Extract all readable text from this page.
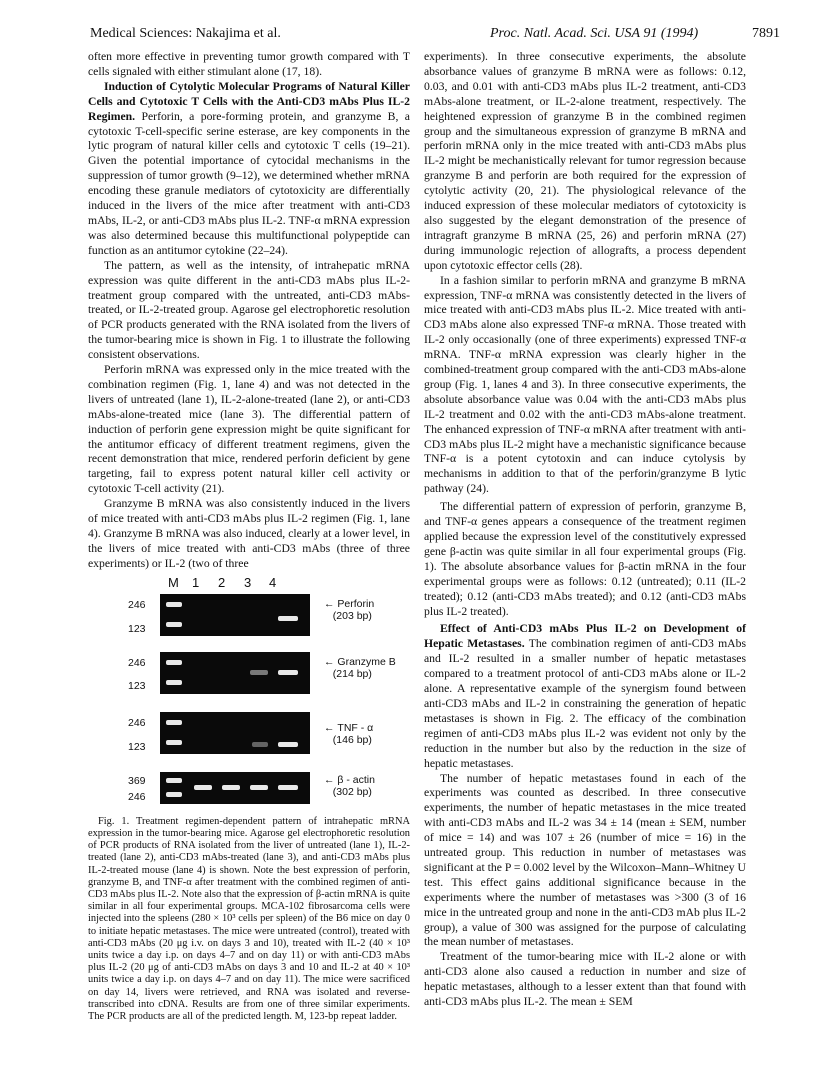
Medical Sciences: Nakajima et al.	Proc. Natl. Acad. Sci. USA 91 (1994)	7891

often more effective in preventing tumor growth compared with T cells signaled with either stimulant alone (17, 18).

Induction of Cytolytic Molecular Programs of Natural Killer Cells and Cytotoxic T Cells with the Anti-CD3 mAbs Plus IL-2 Regimen. Perforin, a pore-forming protein, and granzyme B, a cytotoxic T-cell-specific serine esterase, are key components in the lytic program of natural killer cells and cytotoxic T cells (19–21). Given the potential importance of cytocidal mechanisms in the suppression of tumor growth (9–12), we determined whether mRNA encoding these granule mediators of cytotoxicity are differentially induced in the livers of the mice after treatment with anti-CD3 mAbs, IL-2, or anti-CD3 mAbs plus IL-2. TNF-α mRNA expression was also determined because this multifunctional polypeptide can function as an antitumor cytokine (22–24).

The pattern, as well as the intensity, of intrahepatic mRNA expression was quite different in the anti-CD3 mAbs plus IL-2-treatment group compared with the untreated, anti-CD3 mAbs-treated, or IL-2-treated group. Agarose gel electrophoretic resolution of PCR products generated with the RNA isolated from the livers of the tumor-bearing mice is shown in Fig. 1 to illustrate the following consistent observations.

Perforin mRNA was expressed only in the mice treated with the combination regimen (Fig. 1, lane 4) and was not detected in the livers of untreated (lane 1), IL-2-alone-treated (lane 2), or anti-CD3 mAbs-alone-treated mice (lane 3). The differential pattern of induction of perforin gene expression might be quite significant for the antitumor efficacy of different treatment regimens, given the recent demonstration that mice, rendered perforin deficient by gene targeting, fail to express potent natural killer cell activity or cytotoxic T-cell activity (21).

Granzyme B mRNA was also consistently induced in the livers of mice treated with anti-CD3 mAbs plus IL-2 regimen (Fig. 1, lane 4). Granzyme B mRNA was also induced, clearly at a lower level, in the livers of mice treated with anti-CD3 mAbs (three of three experiments) or IL-2 (two of three

M 1 2 3 4
246
123
← Perforin
(203 bp)
246
123
← Granzyme B
(214 bp)
246
123
← TNF - α
(146 bp)
369
246
← β - actin
(302 bp)

Fig. 1. Treatment regimen-dependent pattern of intrahepatic mRNA expression in the tumor-bearing mice. Agarose gel electrophoretic resolution of PCR products of RNA isolated from the liver of untreated (lane 1), IL-2-treated (lane 2), anti-CD3 mAbs-treated (lane 3), and anti-CD3 mAbs plus IL-2-treated mouse (lane 4) is shown. Note the best expression of perforin, granzyme B, and TNF-α after treatment with the combined regimen of anti-CD3 mAbs plus IL-2. Note also that the expression of β-actin mRNA is quite similar in all four experimental groups. MCA-102 fibrosarcoma cells were injected into the spleens (280 × 10³ cells per spleen) of the B6 mice on day 0 to initiate hepatic metastases. The mice were untreated (control), treated with anti-CD3 mAbs (20 μg i.v. on days 3 and 10), treated with IL-2 (40 × 10³ units twice a day i.p. on days 4–7 and on day 11) or with anti-CD3 mAbs plus IL-2 (20 μg of anti-CD3 mAbs on days 3 and 10 and IL-2 at 40 × 10³ units twice a day i.p. on days 4–7 and on day 11). The mice were sacrificed on day 14, livers were retrieved, and RNA was isolated and reverse-transcribed into cDNA. Results are from one of three similar experiments. The PCR products are all of the predicted length. M, 123-bp repeat ladder.

experiments). In three consecutive experiments, the absolute absorbance values of granzyme B mRNA were as follows: 0.12, 0.03, and 0.01 with anti-CD3 mAbs plus IL-2 treatment, anti-CD3 mAbs-alone treatment, or IL-2-alone treatment, respectively. The heightened expression of granzyme B in the combined regimen group and the simultaneous expression of granzyme B mRNA and perforin mRNA only in the mice treated with anti-CD3 mAbs plus IL-2 might be mechanistically relevant for tumor regression because granzyme B and perforin are both required for the expression of cytolytic activity (20, 21). The physiological relevance of the induced expression of these molecular mediators of cytotoxicity is also suggested by the elegant demonstration of the presence of intragraft granzyme B mRNA (25, 26) and perforin mRNA (27) during immunologic rejection of allografts, a process dependent upon cytotoxic effector cells (28).

In a fashion similar to perforin mRNA and granzyme B mRNA expression, TNF-α mRNA was consistently detected in the livers of mice treated with anti-CD3 mAbs plus IL-2. Mice treated with anti-CD3 mAbs alone also expressed TNF-α mRNA. Those treated with IL-2 only occasionally (one of three experiments) expressed TNF-α mRNA. TNF-α mRNA expression was clearly higher in the combined-treatment group compared with the anti-CD3 mAbs-alone group (Fig. 1, lanes 4 and 3). In three consecutive experiments, the absolute absorbance value was 0.04 with the anti-CD3 mAbs plus IL-2 treatment and 0.02 with the anti-CD3 mAbs-alone treatment. The enhanced expression of TNF-α mRNA after treatment with anti-CD3 mAbs plus IL-2 might have a mechanistic significance because TNF-α is a potent cytotoxin and can induce cytolysis by mechanisms in addition to that of the perforin/granzyme B lytic pathway (24).

The differential pattern of expression of perforin, granzyme B, and TNF-α genes appears a consequence of the treatment regimen applied because the expression level of the constitutively expressed gene β-actin was quite similar in all four experimental groups (Fig. 1). The absolute absorbance values for β-actin mRNA in the four experimental groups were as follows: 0.12 (untreated); 0.11 (IL-2 treated); 0.12 (anti-CD3 mAbs treated); and 0.12 (anti-CD3 mAbs plus IL-2 treated).

Effect of Anti-CD3 mAbs Plus IL-2 on Development of Hepatic Metastases. The combination regimen of anti-CD3 mAbs and IL-2 resulted in a smaller number of hepatic metastases compared to a treatment protocol of anti-CD3 mAbs alone or IL-2 alone. A representative example of the synergism found between anti-CD3 mAbs and IL-2 in constraining the generation of hepatic metastases is shown in Fig. 2. The efficacy of the combination regimen of anti-CD3 mAbs plus IL-2 was evident not only by the reduction in the number but also by the reduction in the size of hepatic metastases.

The number of hepatic metastases found in each of the experiments was counted as described. In three consecutive experiments, the number of hepatic metastases in the mice treated with anti-CD3 mAbs and IL-2 was 34 ± 14 (mean ± SEM, number of mice = 14) and was 107 ± 26 (number of mice = 16) in the untreated group. This reduction in number of metastases was significant at the P = 0.002 level by the Wilcoxon–Mann–Whitney U test. This effect gains additional significance because in the experiments where the number of metastases was >300 (3 of 16 mice in the untreated group and none in the anti-CD3 mAb plus IL-2 group), a value of 300 was assigned for the purpose of calculating the mean number of metastases.

Treatment of the tumor-bearing mice with IL-2 alone or with anti-CD3 alone also caused a reduction in number and size of hepatic metastases, although to a lesser extent than that found with anti-CD3 mAbs plus IL-2. The mean ± SEM
